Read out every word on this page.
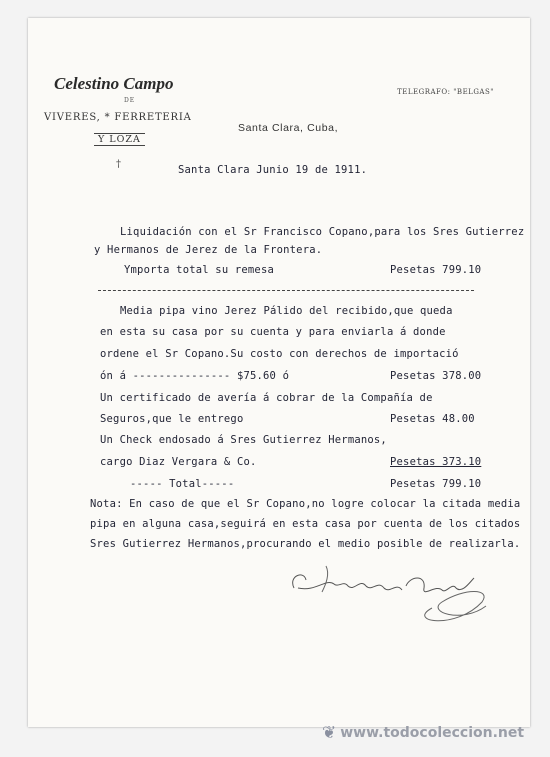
Celestino Campo
DE
VIVERES, * FERRETERIA
Y LOZA
†
TELEGRAFO: "BELGAS"
Santa Clara, Cuba,
Santa Clara Junio 19 de 1911.
Liquidación con el Sr Francisco Copano,para los Sres Gutierrez
y Hermanos de Jerez de la Frontera.
Ymporta total su remesa	Pesetas 799.10
Media pipa vino Jerez Pálido del recibido,que queda
en esta su casa por su cuenta y para enviarla á donde
ordene el Sr Copano.Su costo con derechos de importació
ón á --------------- $75.60 ó	Pesetas 378.00
Un certificado de avería á cobrar de la Compañía de
Seguros,que le entrego	Pesetas 48.00
Un Check endosado á Sres Gutierrez Hermanos,
cargo Diaz Vergara & Co.	Pesetas 373.10
----- Total-----	Pesetas 799.10
Nota: En caso de que el Sr Copano,no logre colocar la citada media
pipa en alguna casa,seguirá en esta casa por cuenta de los citados
Sres Gutierrez Hermanos,procurando el medio posible de realizarla.
❦ www.todocoleccion.net
